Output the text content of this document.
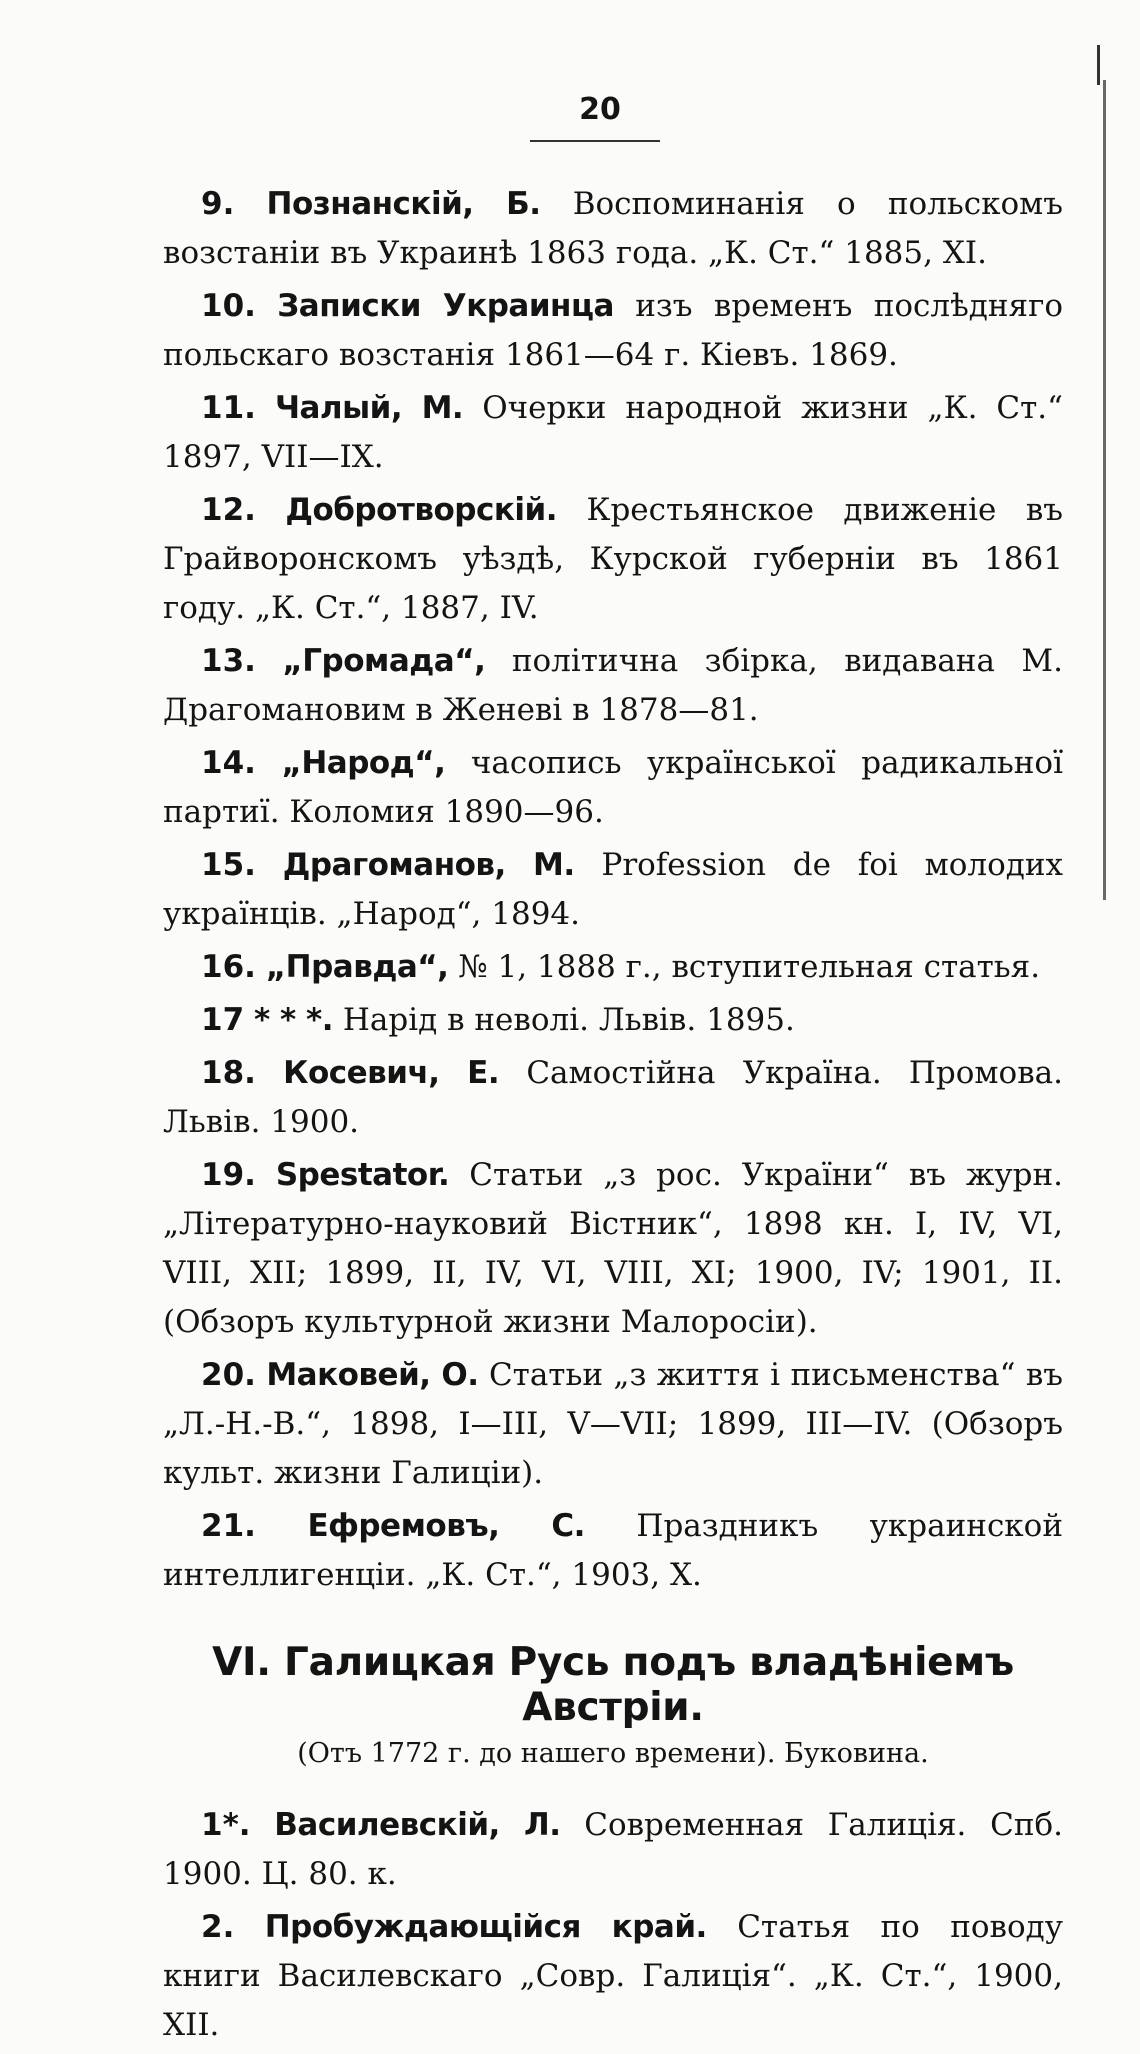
20

9. Познанскій, Б. Воспоминанія о польскомъ возстаніи въ Украинѣ 1863 года. „К. Ст.“ 1885, XI.

10. Записки Украинца изъ временъ послѣдняго польскаго возстанія 1861—64 г. Кіевъ. 1869.

11. Чалый, М. Очерки народной жизни „К. Ст.“ 1897, VII—IX.

12. Добротворскій. Крестьянское движеніе въ Грайворонскомъ уѣздѣ, Курской губерніи въ 1861 году. „К. Ст.“, 1887, IV.

13. „Громада“, політична збірка, видавана М. Драгомановим в Женеві в 1878—81.

14. „Народ“, часопись української радикальної партиї. Коломия 1890—96.

15. Драгоманов, М. Profession de foi молодих українців. „Народ“, 1894.

16. „Правда“, № 1, 1888 г., вступительная статья.

17 * * *. Нарід в неволі. Львів. 1895.

18. Косевич, Е. Самостійна Україна. Промова. Львів. 1900.

19. Spestator. Статьи „з рос. України“ въ журн. „Літературно-науковий Вістник“, 1898 кн. I, IV, VI, VIII, XII; 1899, II, IV, VI, VIII, XI; 1900, IV; 1901, II. (Обзоръ культурной жизни Малоросіи).

20. Маковей, О. Статьи „з життя і письменства“ въ „Л.-Н.-В.“, 1898, I—III, V—VII; 1899, III—IV. (Обзоръ культ. жизни Галиціи).

21. Ефремовъ, С. Праздникъ украинской интеллигенціи. „К. Ст.“, 1903, X.

VI. Галицкая Русь подъ владѣніемъ Австріи.
(Отъ 1772 г. до нашего времени). Буковина.

1*. Василевскій, Л. Современная Галиція. Спб. 1900. Ц. 80. к.

2. Пробуждающійся край. Статья по поводу книги Василевскаго „Совр. Галиція“. „К. Ст.“, 1900, XII.
